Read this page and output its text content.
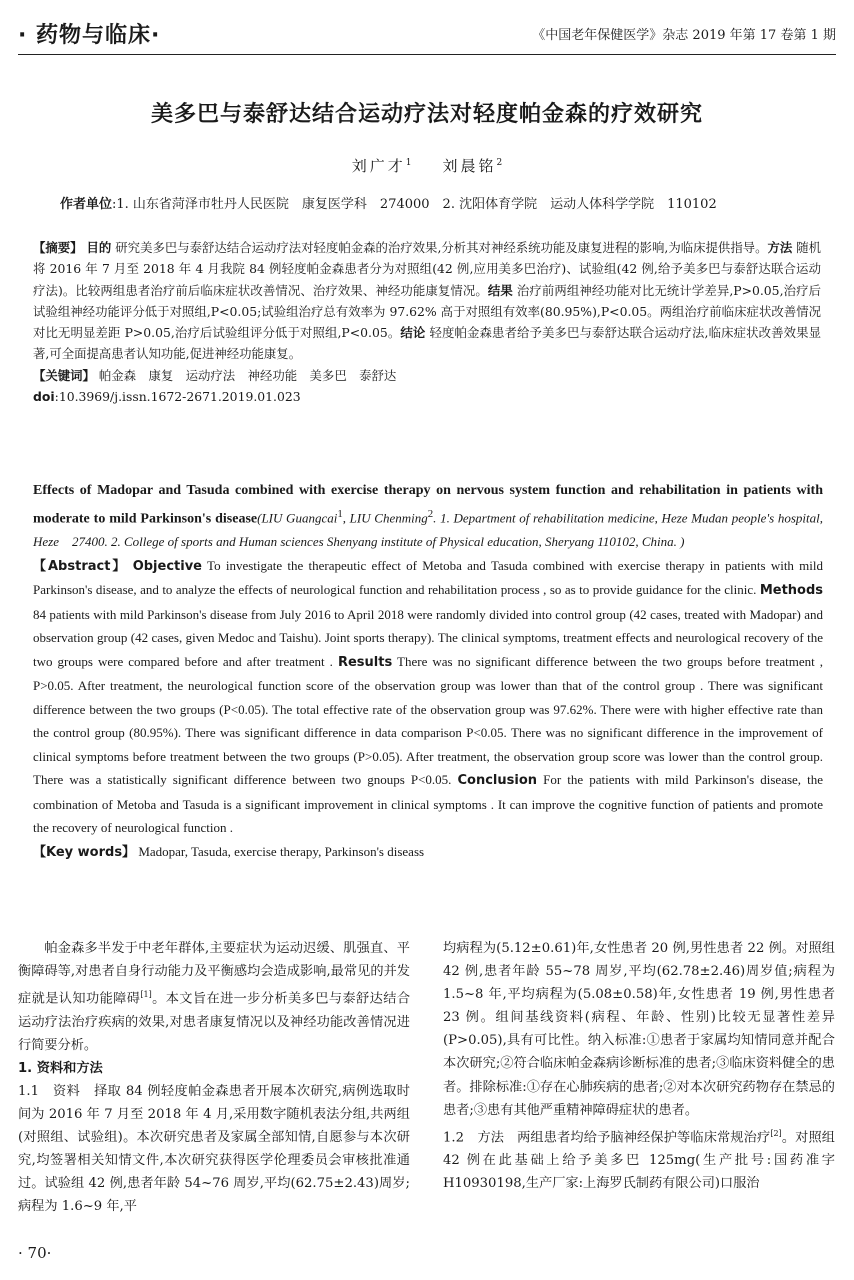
· 药物与临床·	《中国老年保健医学》杂志 2019 年第 17 卷第 1 期
美多巴与泰舒达结合运动疗法对轻度帕金森的疗效研究
刘广才$^1$ 刘晨铭$^2$
作者单位:1. 山东省菏泽市牡丹人民医院　康复医学科　274000　2. 沈阳体育学院　运动人体科学学院　110102

【摘要】 目的 研究美多巴与泰舒达结合运动疗法对轻度帕金森的治疗效果,分析其对神经系统功能及康复进程的影响,为临床提供指导。方法 随机将 2016 年 7 月至 2018 年 4 月我院 84 例轻度帕金森患者分为对照组(42 例,应用美多巴治疗)、试验组(42 例,给予美多巴与泰舒达联合运动疗法)。比较两组患者治疗前后临床症状改善情况、治疗效果、神经功能康复情况。结果 治疗前两组神经功能对比无统计学差异,P>0.05,治疗后试验组神经功能评分低于对照组,P<0.05;试验组治疗总有效率为 97.62% 高于对照组有效率(80.95%),P<0.05。两组治疗前临床症状改善情况对比无明显差距 P>0.05,治疗后试验组评分低于对照组,P<0.05。结论 轻度帕金森患者给予美多巴与泰舒达联合运动疗法,临床症状改善效果显著,可全面提高患者认知功能,促进神经功能康复。

【关键词】 帕金森　康复　运动疗法　神经功能　美多巴　泰舒达

doi:10.3969/j.issn.1672-2671.2019.01.023

Effects of Madopar and Tasuda combined with exercise therapy on nervous system function and rehabilitation in patients with moderate to mild Parkinson's disease(LIU Guangcai$^1$, LIU Chenming$^2$. 1. Department of rehabilitation medicine, Heze Mudan people's hospital, Heze　27400. 2. College of sports and Human sciences Shenyang institute of Physical education, Sheryang 110102, China. )

【Abstract】 Objective To investigate the therapeutic effect of Metoba and Tasuda combined with exercise therapy in patients with mild Parkinson's disease, and to analyze the effects of neurological function and rehabilitation process , so as to provide guidance for the clinic. Methods 84 patients with mild Parkinson's disease from July 2016 to April 2018 were randomly divided into control group (42 cases, treated with Madopar) and observation group (42 cases, given Medoc and Taishu). Joint sports therapy). The clinical symptoms, treatment effects and neurological recovery of the two groups were compared before and after treatment . Results There was no significant difference between the two groups before treatment , P>0.05. After treatment, the neurological function score of the observation group was lower than that of the control group . There was significant difference between the two groups (P<0.05). The total effective rate of the observation group was 97.62%. There were with higher effective rate than the control group (80.95%). There was significant difference in data comparison P<0.05. There was no significant difference in the improvement of clinical symptoms before treatment between the two groups (P>0.05). After treatment, the observation group score was lower than the control group. There was a statistically significant difference between two gnoups P<0.05. Conclusion For the patients with mild Parkinson's disease, the combination of Metoba and Tasuda is a significant improvement in clinical symptoms . It can improve the cognitive function of patients and promote the recovery of neurological function .

【Key words】 Madopar, Tasuda, exercise therapy, Parkinson's diseass

帕金森多半发于中老年群体,主要症状为运动迟缓、肌强直、平衡障碍等,对患者自身行动能力及平衡感均会造成影响,最常见的并发症就是认知功能障碍[1]。本文旨在进一步分析美多巴与泰舒达结合运动疗法治疗疾病的效果,对患者康复情况以及神经功能改善情况进行简要分析。

1. 资料和方法

1.1　资料 择取 84 例轻度帕金森患者开展本次研究,病例选取时间为 2016 年 7 月至 2018 年 4 月,采用数字随机表法分组,共两组(对照组、试验组)。本次研究患者及家属全部知情,自愿参与本次研究,均签署相关知情文件,本次研究获得医学伦理委员会审核批准通过。试验组 42 例,患者年龄 54~76 周岁,平均(62.75±2.43)周岁;病程为 1.6~9 年,平

均病程为(5.12±0.61)年,女性患者 20 例,男性患者 22 例。对照组 42 例,患者年龄 55~78 周岁,平均(62.78±2.46)周岁值;病程为 1.5~8 年,平均病程为(5.08±0.58)年,女性患者 19 例,男性患者 23 例。组间基线资料(病程、年龄、性别)比较无显著性差异(P>0.05),具有可比性。纳入标准:①患者于家属均知情同意并配合本次研究;②符合临床帕金森病诊断标准的患者;③临床资料健全的患者。排除标准:①存在心肺疾病的患者;②对本次研究药物存在禁忌的患者;③患有其他严重精神障碍症状的患者。

1.2　方法 两组患者均给予脑神经保护等临床常规治疗[2]。对照组 42 例在此基础上给予美多巴 125mg(生产批号:国药准字 H10930198,生产厂家:上海罗氏制药有限公司)口服治

· 70·
